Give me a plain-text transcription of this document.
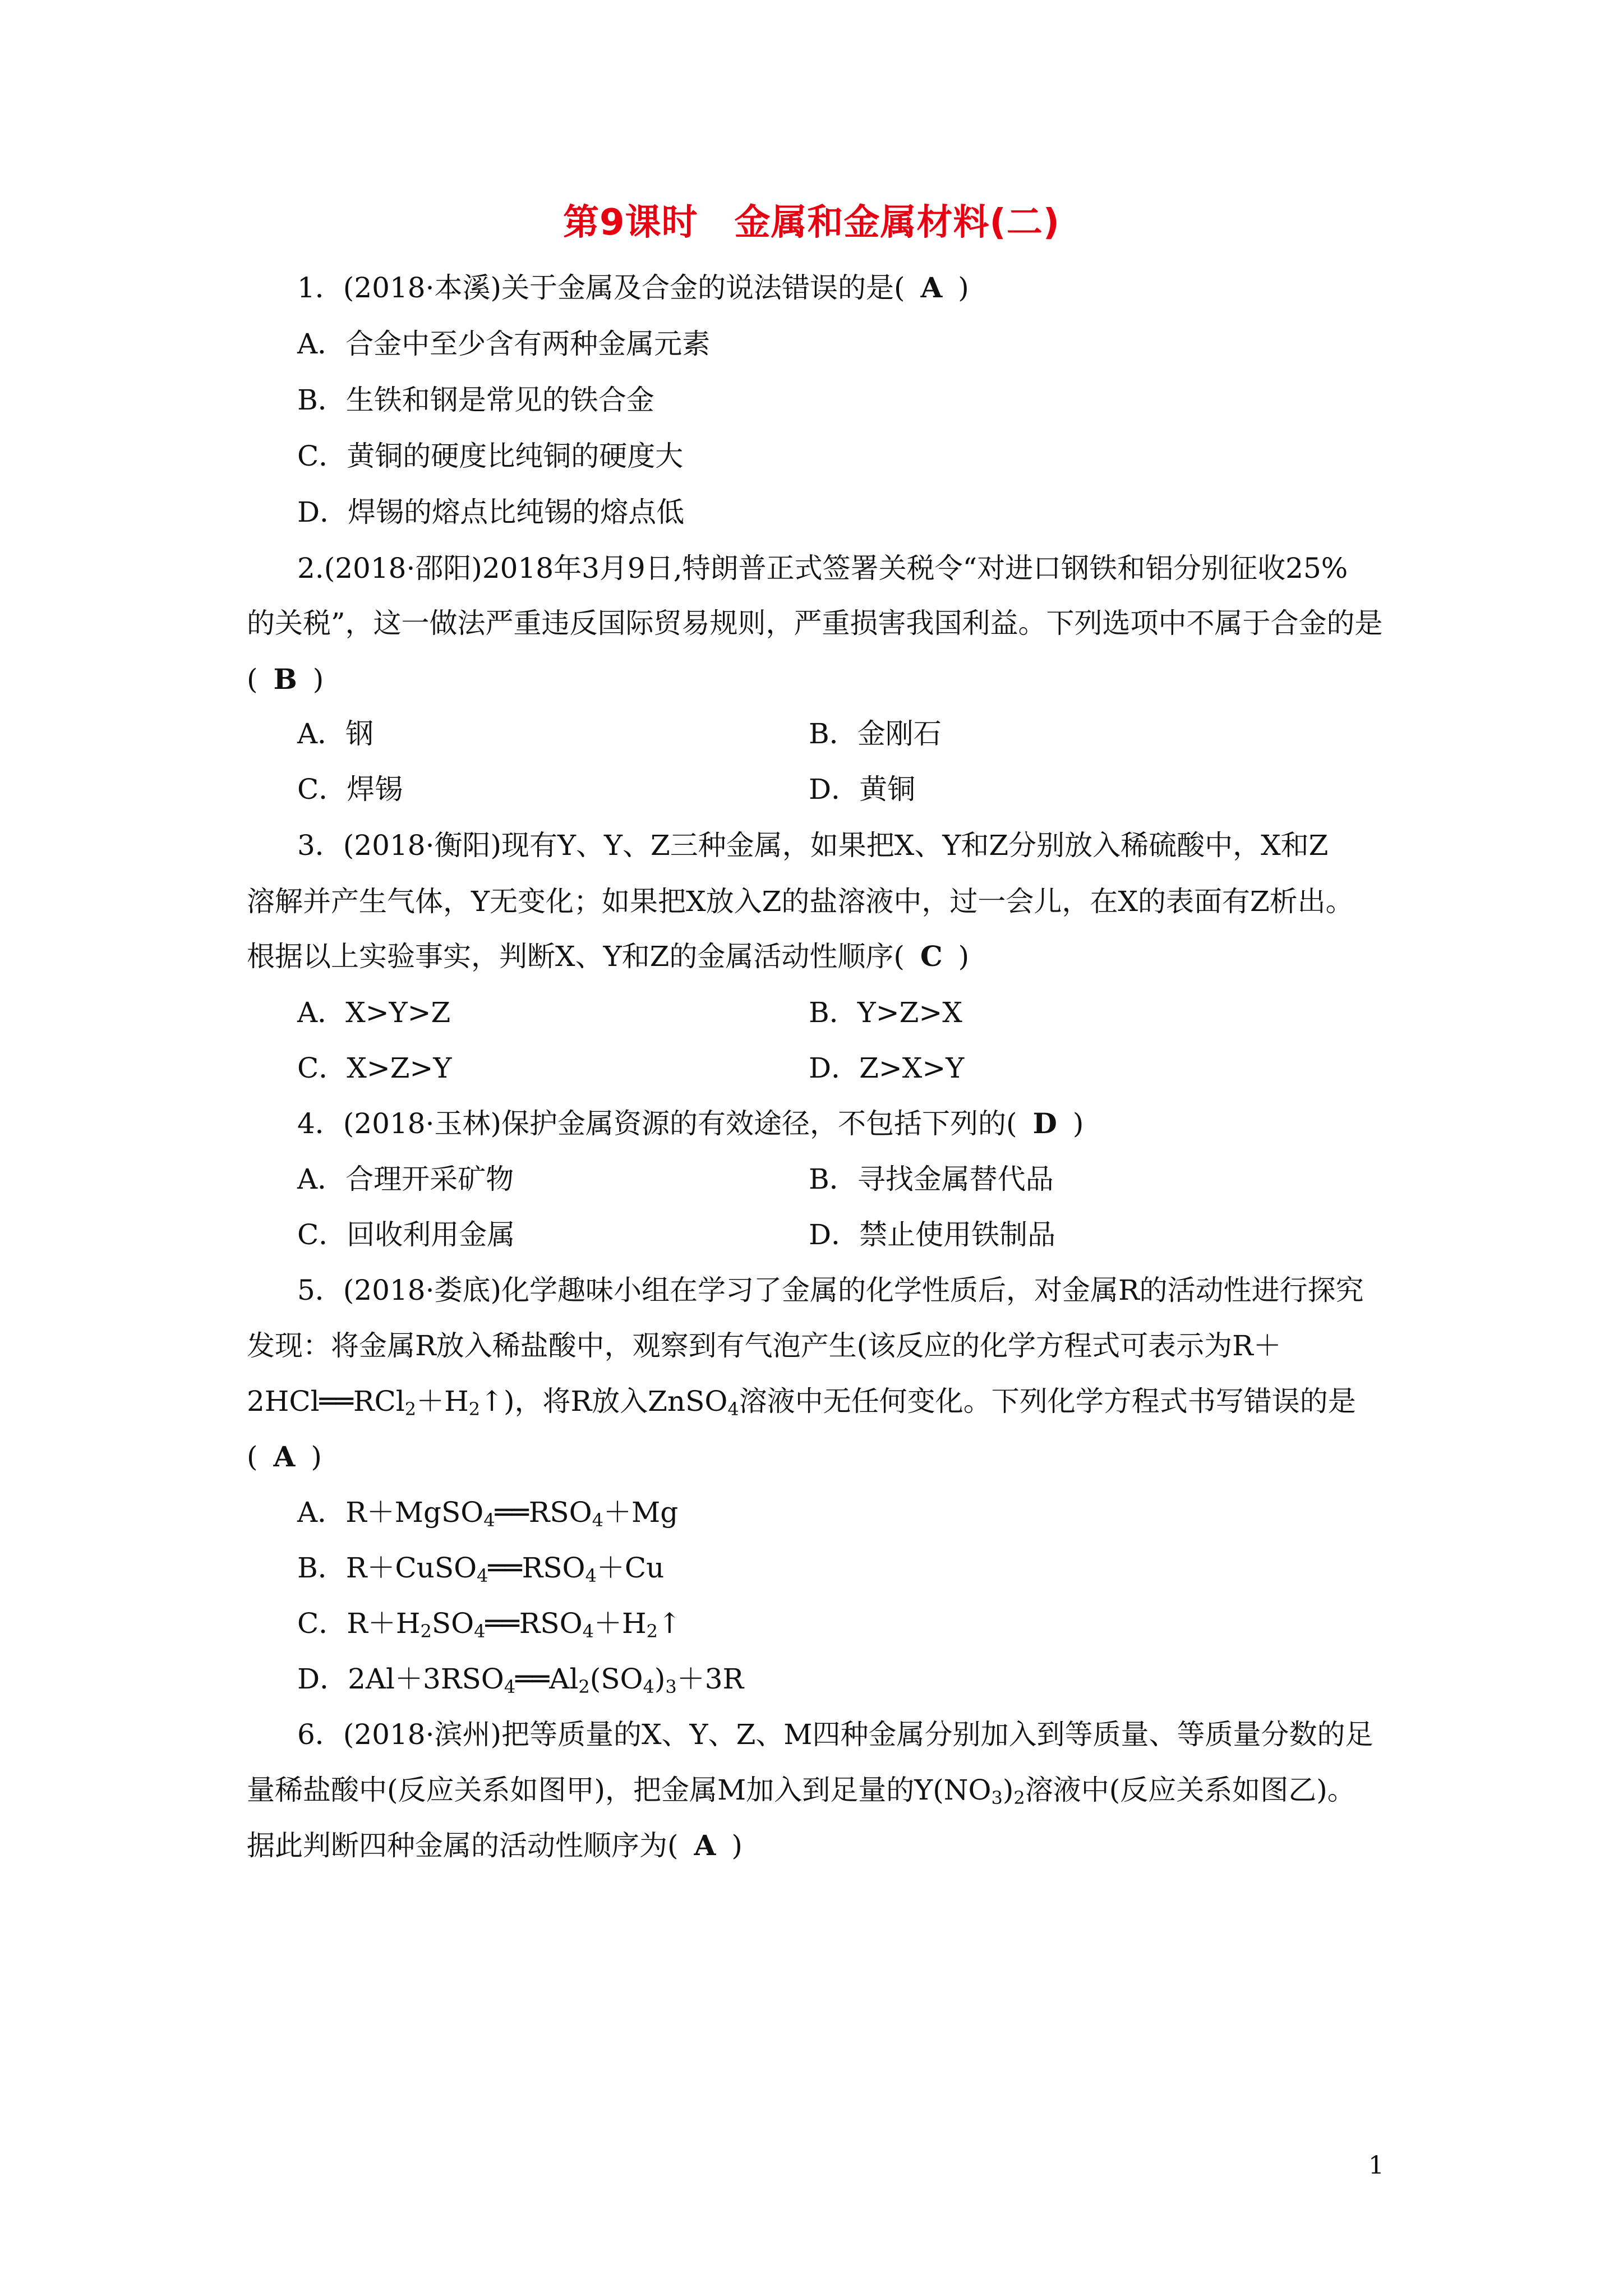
第9课时　金属和金属材料(二)
1．(2018·本溪)关于金属及合金的说法错误的是( A )
A．合金中至少含有两种金属元素
B．生铁和钢是常见的铁合金
C．黄铜的硬度比纯铜的硬度大
D．焊锡的熔点比纯锡的熔点低
2.(2018·邵阳)2018年3月9日,特朗普正式签署关税令“对进口钢铁和铝分别征收25%
的关税”，这一做法严重违反国际贸易规则，严重损害我国利益。下列选项中不属于合金的是
( B )
A．钢	B．金刚石
C．焊锡	D．黄铜
3．(2018·衡阳)现有Y、Y、Z三种金属，如果把X、Y和Z分别放入稀硫酸中，X和Z
溶解并产生气体，Y无变化；如果把X放入Z的盐溶液中，过一会儿，在X的表面有Z析出。
根据以上实验事实，判断X、Y和Z的金属活动性顺序( C )
A．X>Y>Z	B．Y>Z>X
C．X>Z>Y	D．Z>X>Y
4．(2018·玉林)保护金属资源的有效途径，不包括下列的( D )
A．合理开采矿物	B．寻找金属替代品
C．回收利用金属	D．禁止使用铁制品
5．(2018·娄底)化学趣味小组在学习了金属的化学性质后，对金属R的活动性进行探究
发现：将金属R放入稀盐酸中，观察到有气泡产生(该反应的化学方程式可表示为R＋
$2HCl══RCl_2+H_2↑$)，将R放入ZnSO$_4$溶液中无任何变化。下列化学方程式书写错误的是
( A )
A．$R+MgSO_4══RSO_4+Mg$
B．$R+CuSO_4══RSO_4+Cu$
C．$R+H_2SO_4══RSO_4+H_2↑$
D．$2Al+3RSO_4══Al_2(SO_4)_3+3R$
6．(2018·滨州)把等质量的X、Y、Z、M四种金属分别加入到等质量、等质量分数的足
量稀盐酸中(反应关系如图甲)，把金属M加入到足量的$Y(NO_3)_2$溶液中(反应关系如图乙)。
据此判断四种金属的活动性顺序为( A )
1
